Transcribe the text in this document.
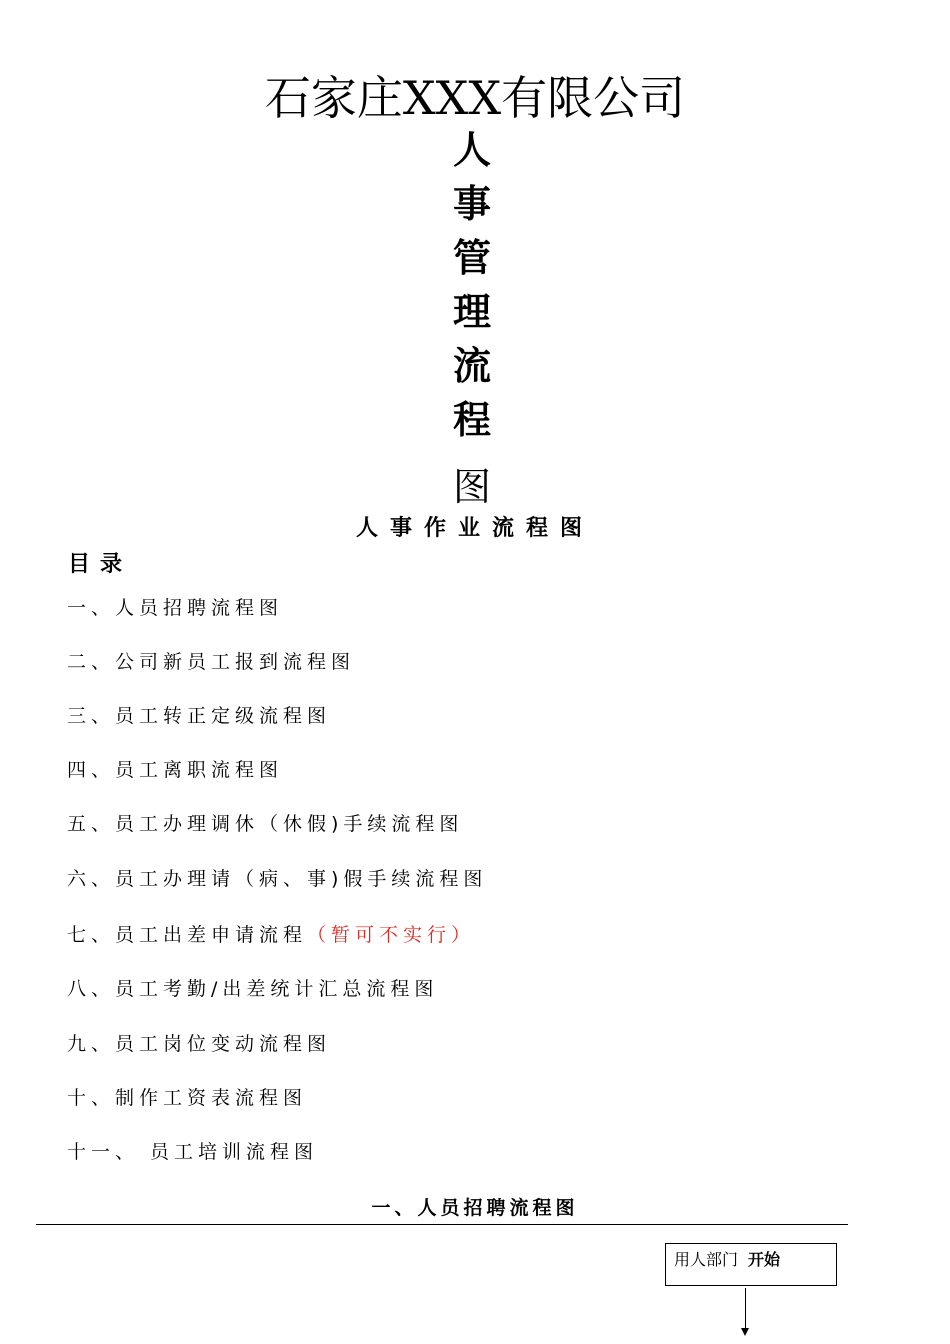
石家庄XXX有限公司
人
事
管
理
流
程
图
人事作业流程图
目录
一、人员招聘流程图
二、公司新员工报到流程图
三、员工转正定级流程图
四、员工离职流程图
五、员工办理调休（休假)手续流程图
六、员工办理请（病、事)假手续流程图
七、员工出差申请流程（暂可不实行）
八、员工考勤/出差统计汇总流程图
九、员工岗位变动流程图
十、制作工资表流程图
十一、 员工培训流程图
一、人员招聘流程图
用人部门 开始
